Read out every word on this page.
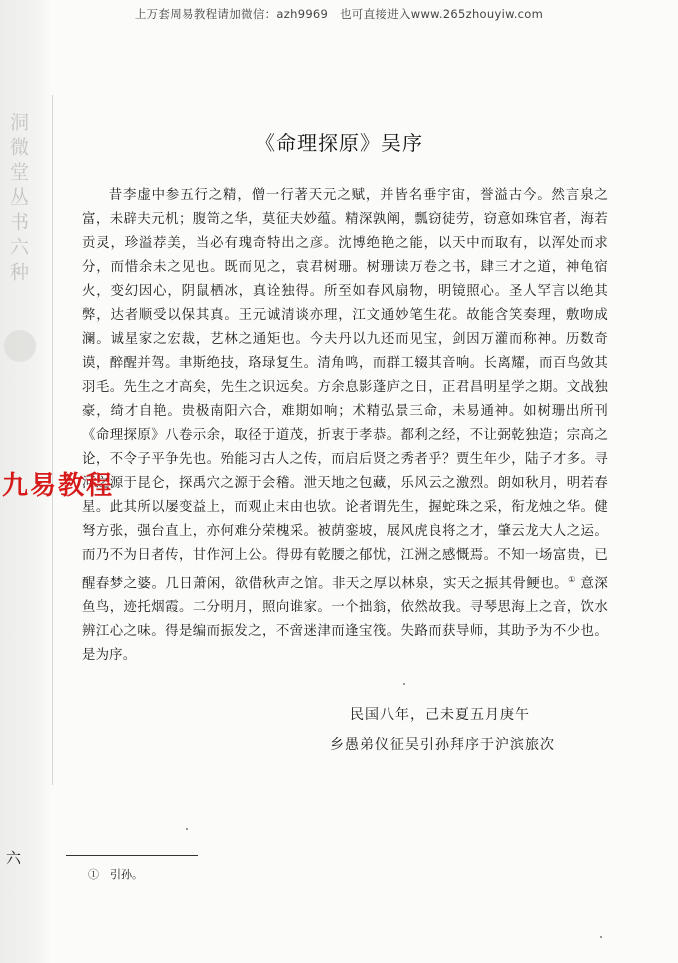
洞微堂丛书六种
上万套周易教程请加微信：azh9969　也可直接进入www.265zhouyiw.com
《命理探原》吴序

昔李虚中参五行之精，僧一行著天元之赋，并皆名垂宇宙，誉溢古今。然言泉之富，未辟夫元机；腹笥之华，莫征夫妙蕴。精深孰阐，瓢窃徒劳，窃意如珠官者，海若贡灵，珍溢荐美，当必有瑰奇特出之彦。沈博绝艳之能，以天中而取有，以浑处而求分，而惜余未之见也。既而见之，袁君树珊。树珊读万卷之书，肆三才之道，神龟宿火，变幻因心，阴鼠栖冰，真诠独得。所至如春风扇物，明镜照心。圣人罕言以绝其弊，达者顺受以保其真。王元诚清谈亦理，江文通妙笔生花。故能含笑奏理，敷吻成澜。诚星家之宏裁，艺林之通矩也。今夫丹以九还而见宝，剑因万灌而称神。历数奇谟，醉醒并驾。聿斯绝技，珞琭复生。清角鸣，而群工辍其音响。长离耀，而百鸟敛其羽毛。先生之才高矣，先生之识远矣。方余息影蓬庐之日，正君昌明星学之期。文战独豪，绮才自艳。贵极南阳六合，难期如响；术精弘景三命，未易通神。如树珊出所刊《命理探原》八卷示余，取径于道茂，折衷于孝恭。都利之经，不让弼乾独造；宗高之论，不令子平争先也。殆能习古人之传，而启后贤之秀者乎？贾生年少，陆子才多。寻河之源于昆仑，探禹穴之源于会稽。泄天地之包藏，乐风云之激烈。朗如秋月，明若春星。此其所以屡变益上，而观止末由也欤。论者谓先生，握蛇珠之采，衔龙烛之华。健弩方张，强台直上，亦何难分荣槐采。被荫銮坡，展风虎良将之才，肇云龙大人之运。而乃不为日者传，甘作河上公。得毋有乾腰之郁忧，江洲之感慨焉。不知一场富贵，已醒春梦之婆。几日萧闲，欲借秋声之馆。非天之厚以林泉，实天之振其骨鲠也。① 意深鱼鸟，迹托烟霞。二分明月，照向谁家。一个拙翁，依然故我。寻琴思海上之音，饮水辨江心之味。得是编而振发之，不啻迷津而逢宝筏。失路而获导师，其助予为不少也。是为序。

九易教程
民国八年，己未夏五月庚午
乡愚弟仪征吴引孙拜序于沪滨旅次
六
①　引孙。
